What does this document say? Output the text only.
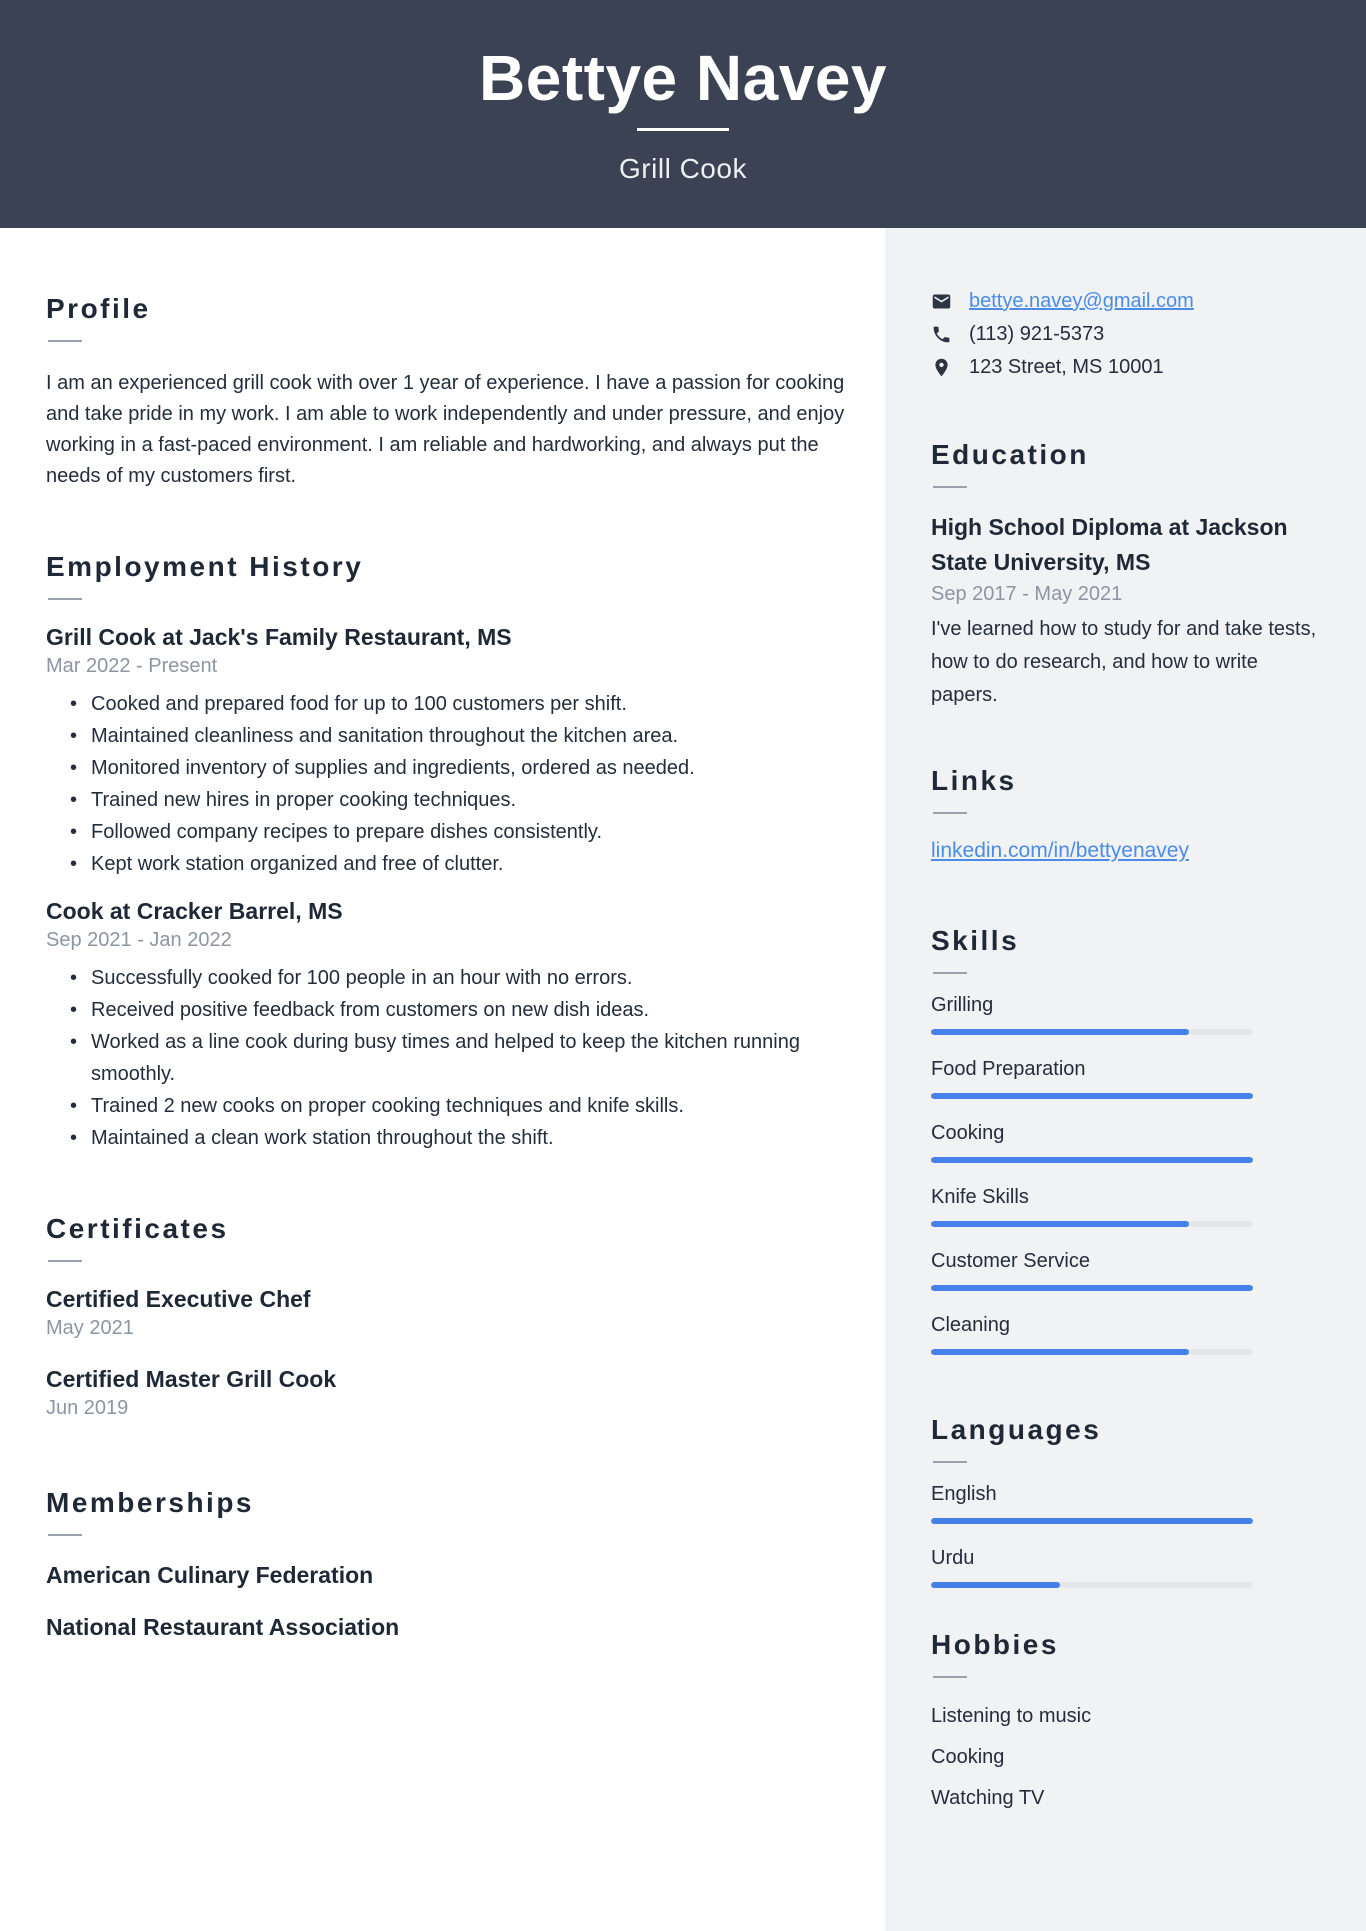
Bettye Navey
Grill Cook
Profile
I am an experienced grill cook with over 1 year of experience. I have a passion for cooking and take pride in my work. I am able to work independently and under pressure, and enjoy working in a fast-paced environment. I am reliable and hardworking, and always put the needs of my customers first.
Employment History
Grill Cook at Jack's Family Restaurant, MS
Mar 2022 - Present
• Cooked and prepared food for up to 100 customers per shift.
• Maintained cleanliness and sanitation throughout the kitchen area.
• Monitored inventory of supplies and ingredients, ordered as needed.
• Trained new hires in proper cooking techniques.
• Followed company recipes to prepare dishes consistently.
• Kept work station organized and free of clutter.
Cook at Cracker Barrel, MS
Sep 2021 - Jan 2022
• Successfully cooked for 100 people in an hour with no errors.
• Received positive feedback from customers on new dish ideas.
• Worked as a line cook during busy times and helped to keep the kitchen running smoothly.
• Trained 2 new cooks on proper cooking techniques and knife skills.
• Maintained a clean work station throughout the shift.
Certificates
Certified Executive Chef
May 2021
Certified Master Grill Cook
Jun 2019
Memberships
American Culinary Federation
National Restaurant Association
bettye.navey@gmail.com
(113) 921-5373
123 Street, MS 10001
Education
High School Diploma at Jackson State University, MS
Sep 2017 - May 2021
I've learned how to study for and take tests, how to do research, and how to write papers.
Links
linkedin.com/in/bettyenavey
Skills
Grilling
Food Preparation
Cooking
Knife Skills
Customer Service
Cleaning
Languages
English
Urdu
Hobbies
Listening to music
Cooking
Watching TV
